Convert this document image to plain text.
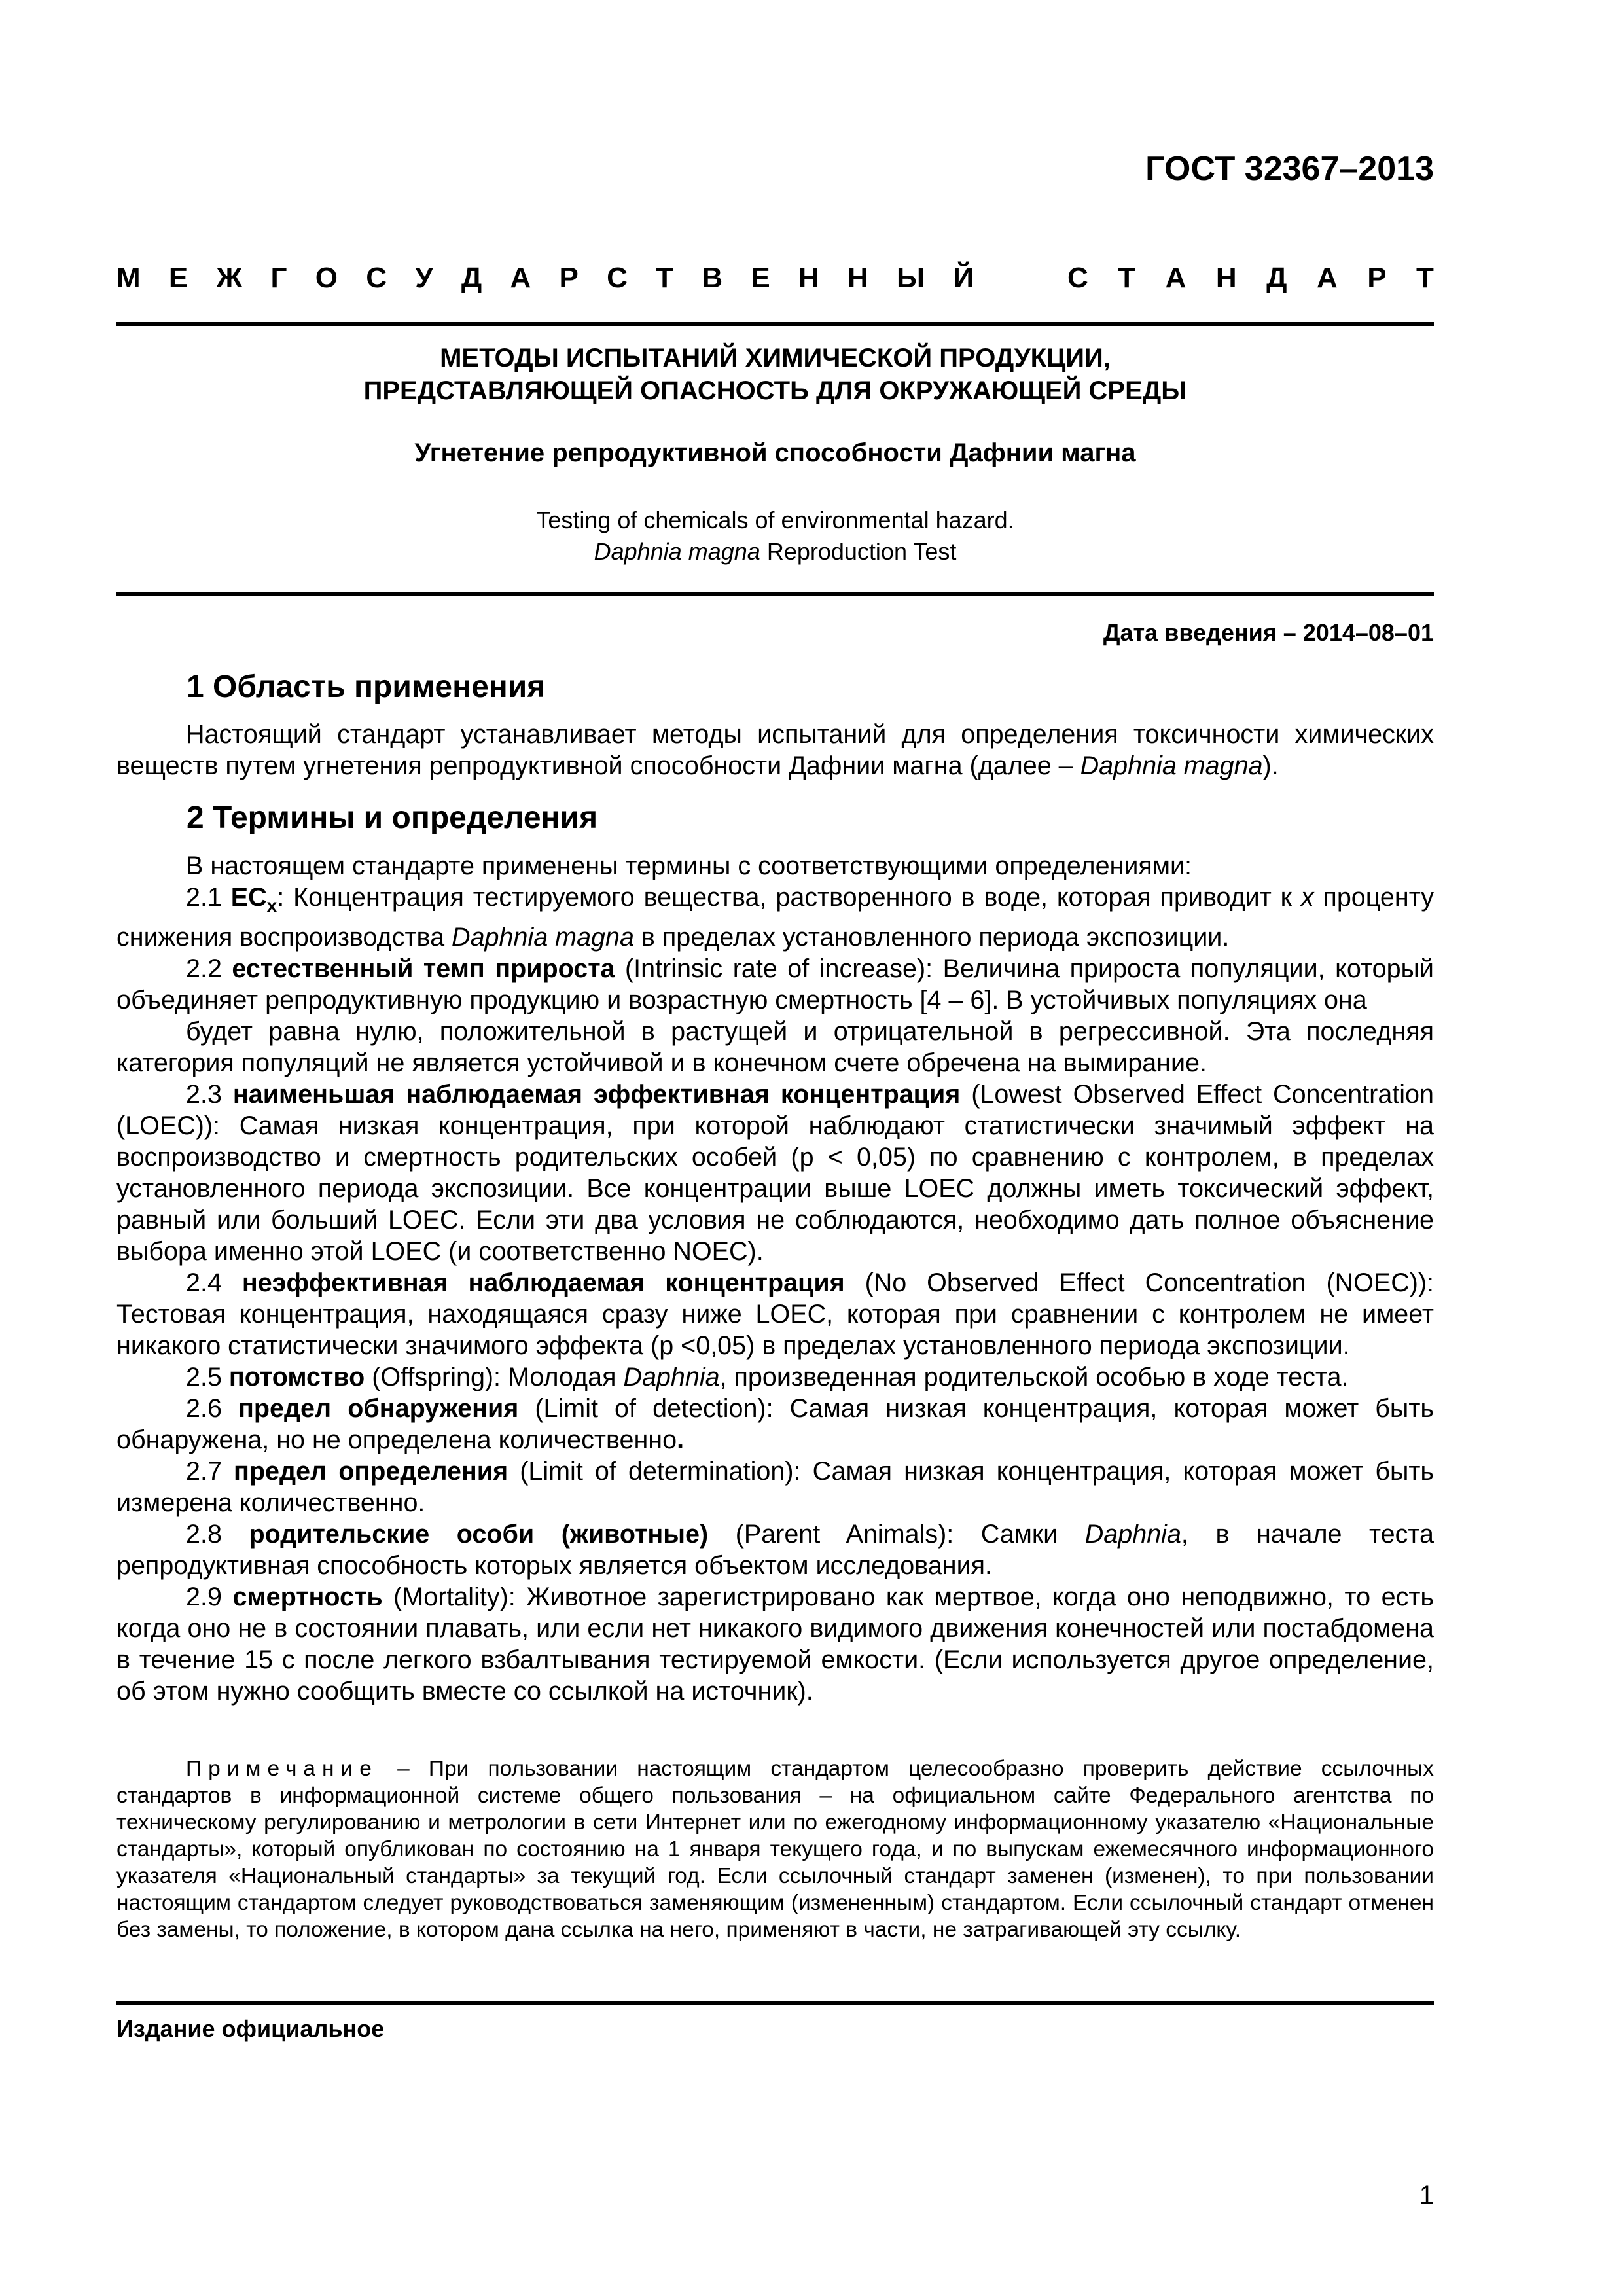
ГОСТ 32367–2013
М Е Ж Г О С У Д А Р С Т В Е Н Н Ы Й	С Т А Н Д А Р Т
МЕТОДЫ ИСПЫТАНИЙ ХИМИЧЕСКОЙ ПРОДУКЦИИ,
ПРЕДСТАВЛЯЮЩЕЙ ОПАСНОСТЬ ДЛЯ ОКРУЖАЮЩЕЙ СРЕДЫ
Угнетение репродуктивной способности Дафнии магна
Testing of chemicals of environmental hazard.
Daphnia magna Reproduction Test
Дата введения – 2014–08–01
1 Область применения

Настоящий стандарт устанавливает методы испытаний для определения токсичности химических веществ путем угнетения репродуктивной способности Дафнии магна (далее – Daphnia magna).

2 Термины и определения

В настоящем стандарте применены термины с соответствующими определениями:

2.1 $EC_x$: Концентрация тестируемого вещества, растворенного в воде, которая приводит к x проценту снижения воспроизводства Daphnia magna в пределах установленного периода экспозиции.

2.2 естественный темп прироста (Intrinsic rate of increase): Величина прироста популяции, который объединяет репродуктивную продукцию и возрастную смертность [4 – 6]. В устойчивых популяциях она

будет равна нулю, положительной в растущей и отрицательной в регрессивной. Эта последняя категория популяций не является устойчивой и в конечном счете обречена на вымирание.

2.3 наименьшая наблюдаемая эффективная концентрация (Lowest Observed Effect Concentration (LOEC)): Самая низкая концентрация, при которой наблюдают статистически значимый эффект на воспроизводство и смертность родительских особей (p < 0,05) по сравнению с контролем, в пределах установленного периода экспозиции. Все концентрации выше LOEC должны иметь токсический эффект, равный или больший LOEC. Если эти два условия не соблюдаются, необходимо дать полное объяснение выбора именно этой LOEC (и соответственно NOEC).

2.4 неэффективная наблюдаемая концентрация (No Observed Effect Concentration (NOEC)): Тестовая концентрация, находящаяся сразу ниже LOEC, которая при сравнении с контролем не имеет никакого статистически значимого эффекта (p <0,05) в пределах установленного периода экспозиции.

2.5 потомство (Offspring): Молодая Daphnia, произведенная родительской особью в ходе теста.

2.6 предел обнаружения (Limit of detection): Самая низкая концентрация, которая может быть обнаружена, но не определена количественно.

2.7 предел определения (Limit of determination): Самая низкая концентрация, которая может быть измерена количественно.

2.8 родительские особи (животные) (Parent Animals): Самки Daphnia, в начале теста репродуктивная способность которых является объектом исследования.

2.9 смертность (Mortality): Животное зарегистрировано как мертвое, когда оно неподвижно, то есть когда оно не в состоянии плавать, или если нет никакого видимого движения конечностей или постабдомена в течение 15 с после легкого взбалтывания тестируемой емкости. (Если используется другое определение, об этом нужно сообщить вместе со ссылкой на источник).

Примечание – При пользовании настоящим стандартом целесообразно проверить действие ссылочных стандартов в информационной системе общего пользования – на официальном сайте Федерального агентства по техническому регулированию и метрологии в сети Интернет или по ежегодному информационному указателю «Национальные стандарты», который опубликован по состоянию на 1 января текущего года, и по выпускам ежемесячного информационного указателя «Национальный стандарты» за текущий год. Если ссылочный стандарт заменен (изменен), то при пользовании настоящим стандартом следует руководствоваться заменяющим (измененным) стандартом. Если ссылочный стандарт отменен без замены, то положение, в котором дана ссылка на него, применяют в части, не затрагивающей эту ссылку.
Издание официальное
1
